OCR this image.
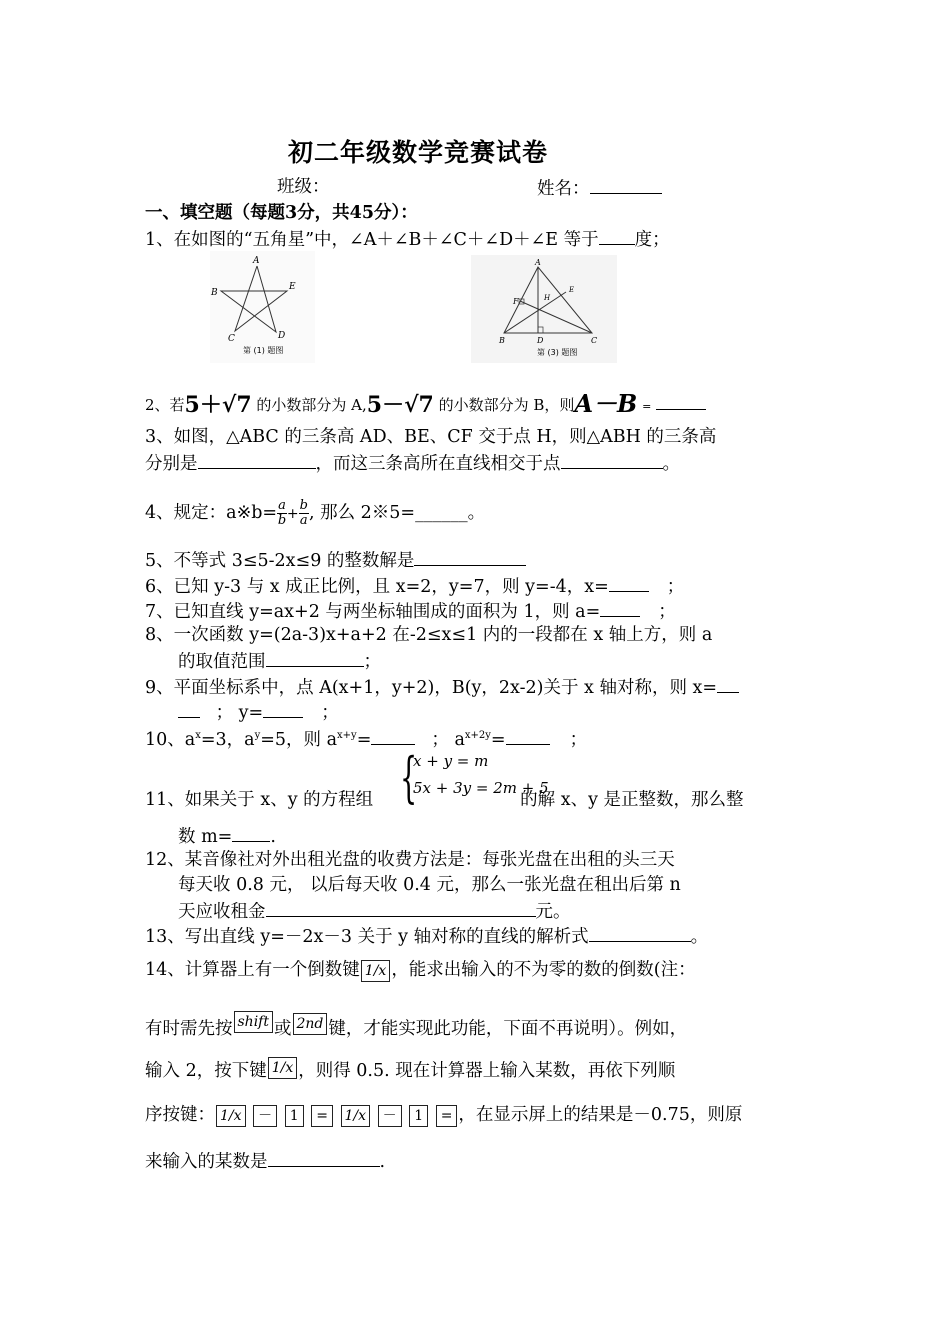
初二年级数学竞赛试卷
班级：	姓名：
一、填空题（每题3分，共45分）：
1、在如图的“五角星”中，∠A＋∠B＋∠C＋∠D＋∠E 等于 度；
A
B
E
C	D
第 (1) 题图
A
F	H
E
B	D	C
第 (3) 题图
2、若5＋√7 的小数部分为 A,5－√7 的小数部分为 B，则A－B =
3、如图，△ABC 的三条高 AD、BE、CF 交于点 H，则△ABH 的三条高
分别是	，而这三条高所在直线相交于点	。
4、规定：a※b= $\frac{a}{b} + \frac{b}{a}$ , 那么 2※5=______。
5、不等式 3≤5-2x≤9 的整数解是
6、已知 y-3 与 x 成正比例，且 x=2，y=7，则 y=-4，x=	；
7、已知直线 y=ax+2 与两坐标轴围成的面积为 1，则 a=	；
8、一次函数 y=(2a-3)x+a+2 在-2≤x≤1 内的一段都在 x 轴上方，则 a
的取值范围	；
9、平面坐标系中，点 A(x+1，y+2)，B(y，2x-2)关于 x 轴对称，则 x=
； y=	；
10、$a^x=3$，$a^y=5$，则 $a^{x+y}=$	； $a^{x+2y}=$	；
{
x + y = m
5x + 3y = 2m + 5
11、如果关于 x、y 的方程组	的解 x、y 是正整数，那么整
数 m= .
12、某音像社对外出租光盘的收费方法是：每张光盘在出租的头三天
每天收 0.8 元， 以后每天收 0.4 元，那么一张光盘在租出后第 n
天应收租金	元。
13、写出直线 y=－2x－3 关于 y 轴对称的直线的解析式	。
14、计算器上有一个倒数键 1/x ，能求出输入的不为零的数的倒数(注：
有时需先按 shift 或 2nd 键，才能实现此功能，下面不再说明）。例如，
输入 2，按下键 1/x ，则得 0.5. 现在计算器上输入某数，再依下列顺
序按键： 1/x － 1 = 1/x － 1 = ，在显示屏上的结果是－0.75，则原
来输入的某数是	.
